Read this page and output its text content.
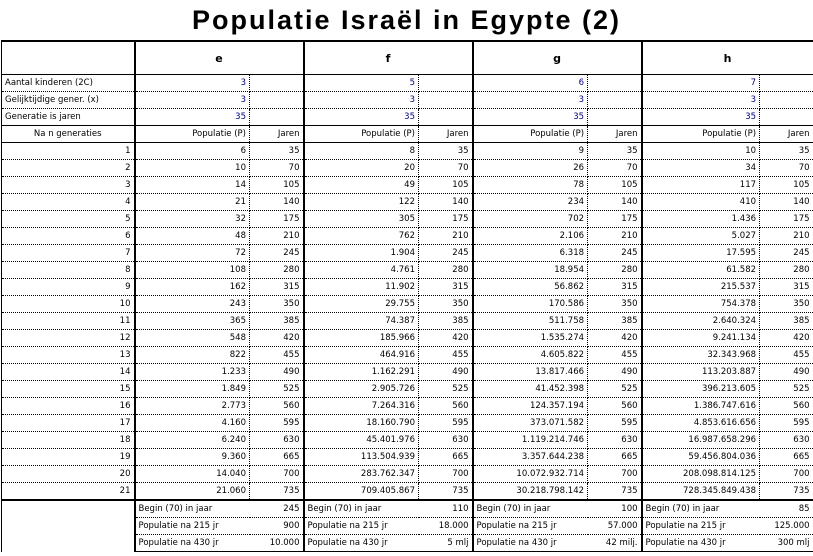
Populatie Israël in Egypte (2)
	e		f		g		h	
Aantal kinderen (2C)	3		5		6		7	
Gelijktijdige gener. (x)	3		3		3		3	
Generatie is jaren	35		35		35		35	
Na n generaties	Populatie (P)	Jaren	Populatie (P)	Jaren	Populatie (P)	Jaren	Populatie (P)	Jaren
1	6	35	8	35	9	35	10	35
2	10	70	20	70	26	70	34	70
3	14	105	49	105	78	105	117	105
4	21	140	122	140	234	140	410	140
5	32	175	305	175	702	175	1.436	175
6	48	210	762	210	2.106	210	5.027	210
7	72	245	1.904	245	6.318	245	17.595	245
8	108	280	4.761	280	18.954	280	61.582	280
9	162	315	11.902	315	56.862	315	215.537	315
10	243	350	29.755	350	170.586	350	754.378	350
11	365	385	74.387	385	511.758	385	2.640.324	385
12	548	420	185.966	420	1.535.274	420	9.241.134	420
13	822	455	464.916	455	4.605.822	455	32.343.968	455
14	1.233	490	1.162.291	490	13.817.466	490	113.203.887	490
15	1.849	525	2.905.726	525	41.452.398	525	396.213.605	525
16	2.773	560	7.264.316	560	124.357.194	560	1.386.747.616	560
17	4.160	595	18.160.790	595	373.071.582	595	4.853.616.656	595
18	6.240	630	45.401.976	630	1.119.214.746	630	16.987.658.296	630
19	9.360	665	113.504.939	665	3.357.644.238	665	59.456.804.036	665
20	14.040	700	283.762.347	700	10.072.932.714	700	208.098.814.125	700
21	21.060	735	709.405.867	735	30.218.798.142	735	728.345.849.438	735
	Begin (70) in jaar	245	Begin (70) in jaar	110	Begin (70) in jaar	100	Begin (70) in jaar	85
	Populatie na 215 jr	900	Populatie na 215 jr	18.000	Populatie na 215 jr	57.000	Populatie na 215 jr	125.000
	Populatie na 430 jr	10.000	Populatie na 430 jr	5 mlj	Populatie na 430 jr	42 milj.	Populatie na 430 jr	300 mlj
